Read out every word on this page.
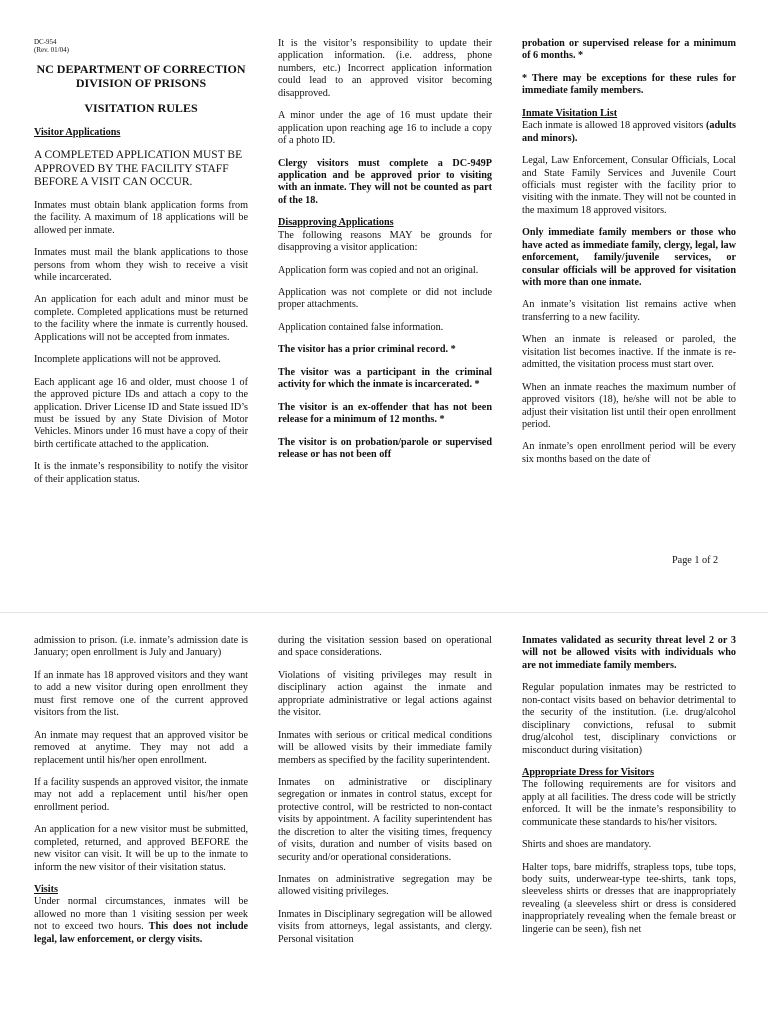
DC-954
(Rev. 01/04)
NC DEPARTMENT OF CORRECTION
DIVISION OF PRISONS
VISITATION RULES

Visitor Applications

A COMPLETED APPLICATION MUST BE APPROVED BY THE FACILITY STAFF BEFORE A VISIT CAN OCCUR.

Inmates must obtain blank application forms from the facility. A maximum of 18 applications will be allowed per inmate.

Inmates must mail the blank applications to those persons from whom they wish to receive a visit while incarcerated.

An application for each adult and minor must be complete. Completed applications must be returned to the facility where the inmate is currently housed. Applications will not be accepted from inmates.

Incomplete applications will not be approved.

Each applicant age 16 and older, must choose 1 of the approved picture IDs and attach a copy to the application. Driver License ID and State issued ID’s must be issued by any State Division of Motor Vehicles. Minors under 16 must have a copy of their birth certificate attached to the application.

It is the inmate’s responsibility to notify the visitor of their application status.

It is the visitor’s responsibility to update their application information. (i.e. address, phone numbers, etc.) Incorrect application information could lead to an approved visitor becoming disapproved.

A minor under the age of 16 must update their application upon reaching age 16 to include a copy of a photo ID.

Clergy visitors must complete a DC-949P application and be approved prior to visiting with an inmate. They will not be counted as part of the 18.

Disapproving Applications

The following reasons MAY be grounds for disapproving a visitor application:

Application form was copied and not an original.

Application was not complete or did not include proper attachments.

Application contained false information.

The visitor has a prior criminal record. *

The visitor was a participant in the criminal activity for which the inmate is incarcerated. *

The visitor is an ex-offender that has not been release for a minimum of 12 months. *

The visitor is on probation/parole or supervised release or has not been off

probation or supervised release for a minimum of 6 months. *

* There may be exceptions for these rules for immediate family members.

Inmate Visitation List

Each inmate is allowed 18 approved visitors (adults and minors).

Legal, Law Enforcement, Consular Officials, Local and State Family Services and Juvenile Court officials must register with the facility prior to visiting with the inmate. They will not be counted in the maximum 18 approved visitors.

Only immediate family members or those who have acted as immediate family, clergy, legal, law enforcement, family/juvenile services, or consular officials will be approved for visitation with more than one inmate.

An inmate’s visitation list remains active when transferring to a new facility.

When an inmate is released or paroled, the visitation list becomes inactive. If the inmate is re-admitted, the visitation process must start over.

When an inmate reaches the maximum number of approved visitors (18), he/she will not be able to adjust their visitation list until their open enrollment period.

An inmate’s open enrollment period will be every six months based on the date of

Page 1 of 2

admission to prison. (i.e. inmate’s admission date is January; open enrollment is July and January)

If an inmate has 18 approved visitors and they want to add a new visitor during open enrollment they must first remove one of the current approved visitors from the list.

An inmate may request that an approved visitor be removed at anytime. They may not add a replacement until his/her open enrollment.

If a facility suspends an approved visitor, the inmate may not add a replacement until his/her open enrollment period.

An application for a new visitor must be submitted, completed, returned, and approved BEFORE the new visitor can visit. It will be up to the inmate to inform the new visitor of their visitation status.

Visits

Under normal circumstances, inmates will be allowed no more than 1 visiting session per week not to exceed two hours. This does not include legal, law enforcement, or clergy visits.

during the visitation session based on operational and space considerations.

Violations of visiting privileges may result in disciplinary action against the inmate and appropriate administrative or legal actions against the visitor.

Inmates with serious or critical medical conditions will be allowed visits by their immediate family members as specified by the facility superintendent.

Inmates on administrative or disciplinary segregation or inmates in control status, except for protective control, will be restricted to non-contact visits by appointment. A facility superintendent has the discretion to alter the visiting times, frequency of visits, duration and number of visits based on security and/or operational considerations.

Inmates on administrative segregation may be allowed visiting privileges.

Inmates in Disciplinary segregation will be allowed visits from attorneys, legal assistants, and clergy. Personal visitation

Inmates validated as security threat level 2 or 3 will not be allowed visits with individuals who are not immediate family members.

Regular population inmates may be restricted to non-contact visits based on behavior detrimental to the security of the institution. (i.e. drug/alcohol disciplinary convictions, refusal to submit drug/alcohol test, disciplinary convictions or misconduct during visitation)

Appropriate Dress for Visitors

The following requirements are for visitors and apply at all facilities. The dress code will be strictly enforced. It will be the inmate’s responsibility to communicate these standards to his/her visitors.

Shirts and shoes are mandatory.

Halter tops, bare midriffs, strapless tops, tube tops, body suits, underwear-type tee-shirts, tank tops, sleeveless shirts or dresses that are inappropriately revealing (a sleeveless shirt or dress is considered inappropriately revealing when the female breast or lingerie can be seen), fish net
